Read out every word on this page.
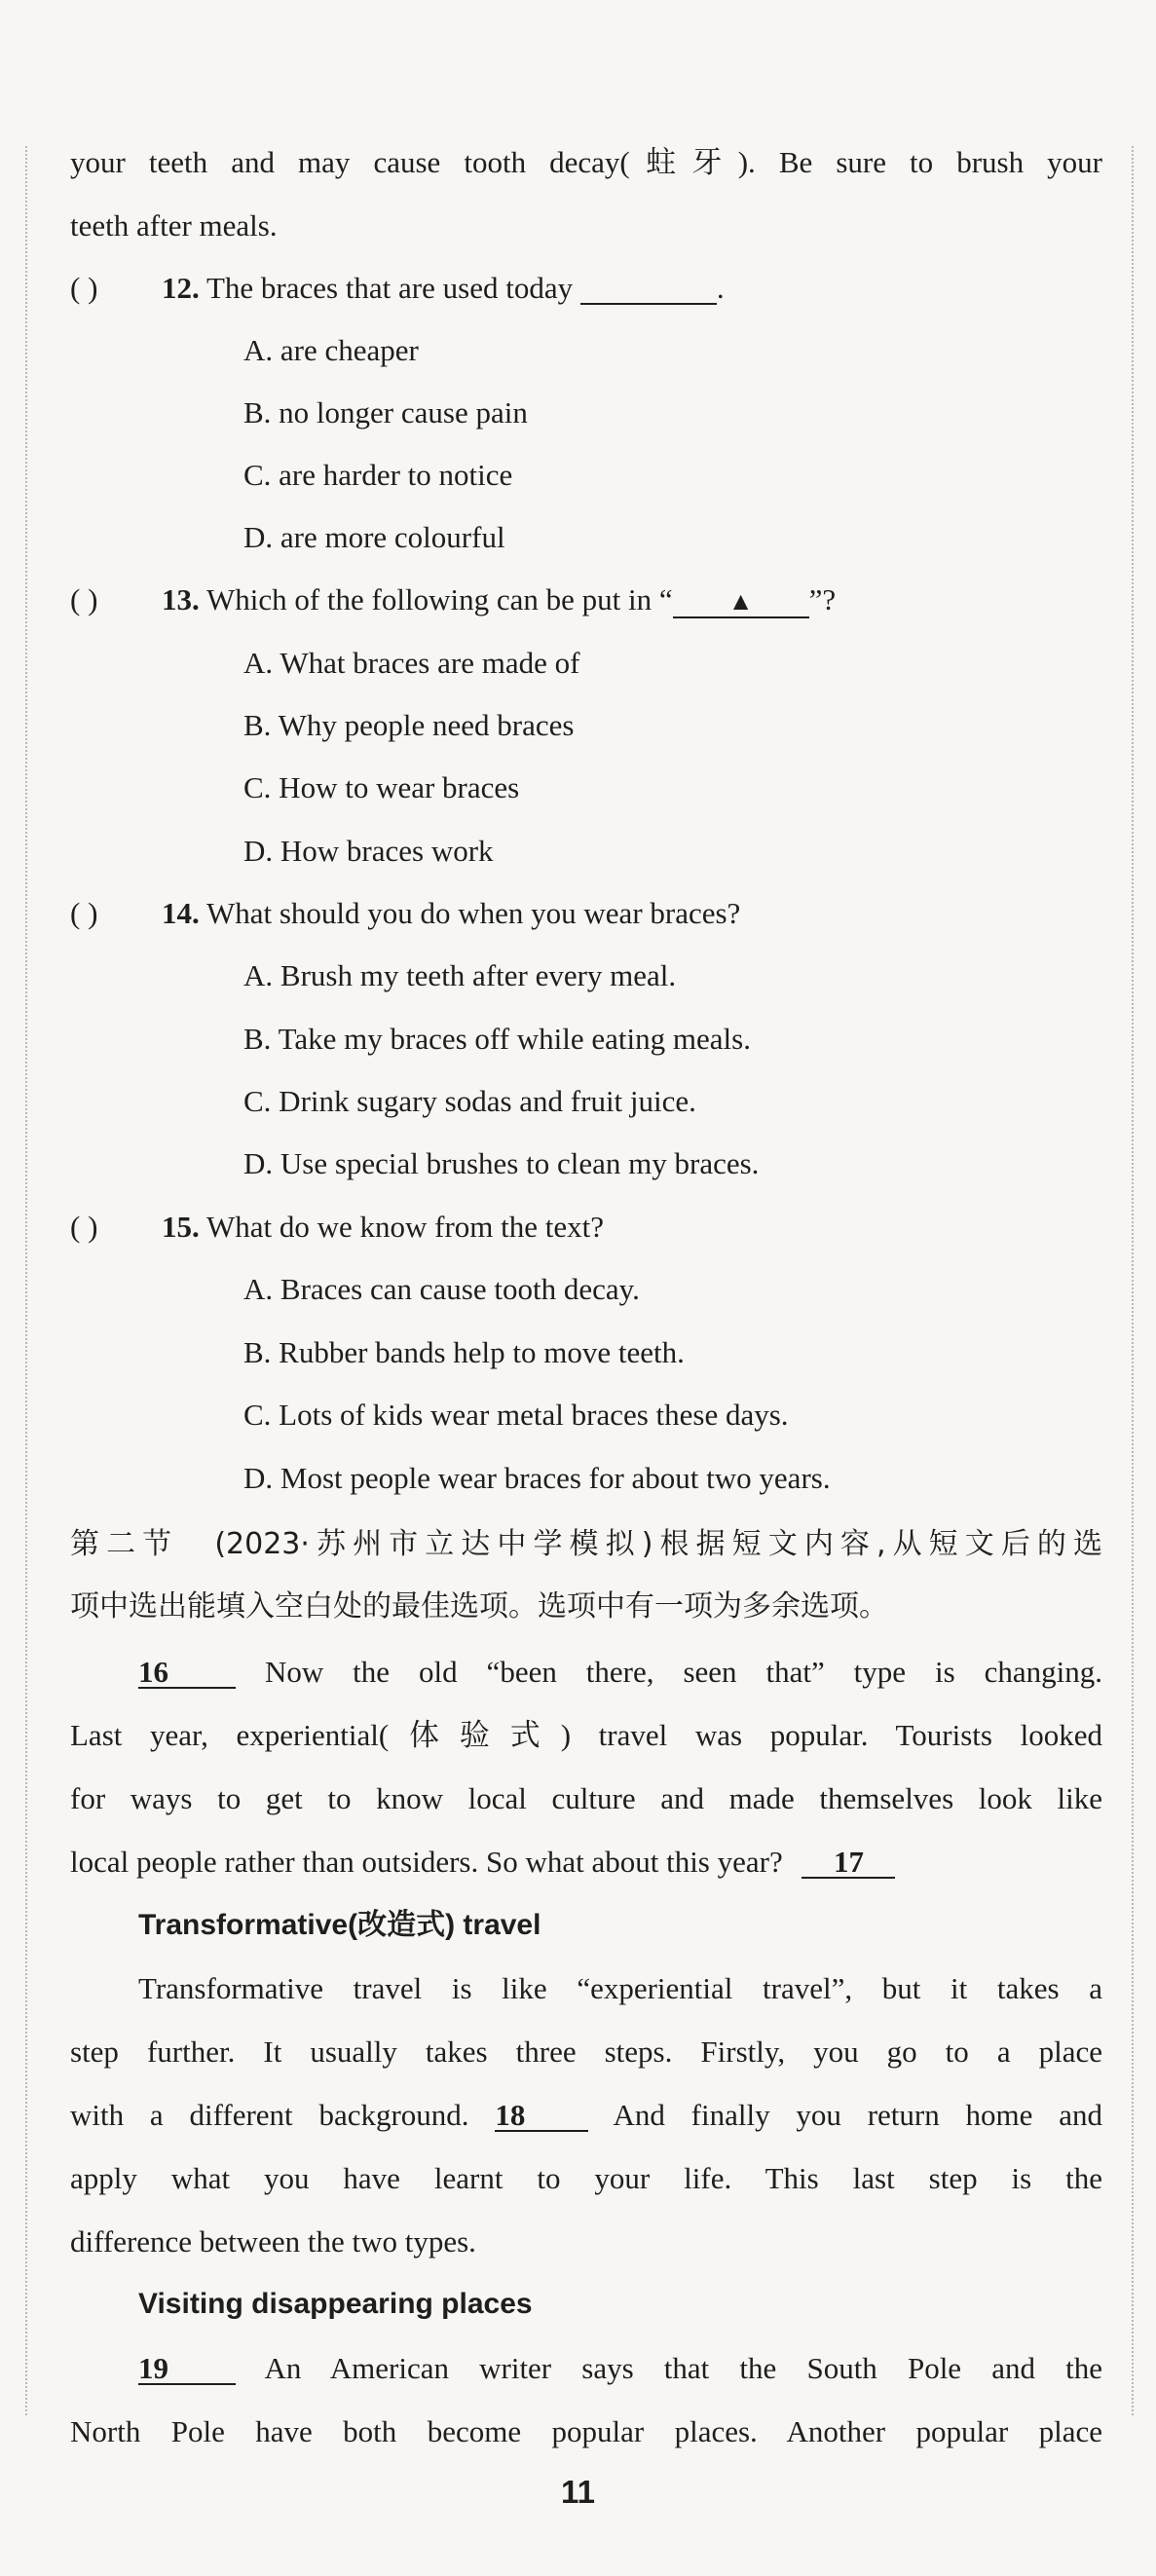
your teeth and may cause tooth decay(蛀牙). Be sure to brush your
teeth after meals.
( ) 12. The braces that are used today	.
A. are cheaper
B. no longer cause pain
C. are harder to notice
D. are more colourful
( ) 13. Which of the following can be put in “ ▲ ”?
A. What braces are made of
B. Why people need braces
C. How to wear braces
D. How braces work
( ) 14. What should you do when you wear braces?
A. Brush my teeth after every meal.
B. Take my braces off while eating meals.
C. Drink sugary sodas and fruit juice.
D. Use special brushes to clean my braces.
( ) 15. What do we know from the text?
A. Braces can cause tooth decay.
B. Rubber bands help to move teeth.
C. Lots of kids wear metal braces these days.
D. Most people wear braces for about two years.
第二节　(2023·苏州市立达中学模拟)根据短文内容,从短文后的选
项中选出能填入空白处的最佳选项。选项中有一项为多余选项。
16	Now the old “been there, seen that” type is changing.
Last year, experiential(体验式) travel was popular. Tourists looked
for ways to get to know local culture and made themselves look like
local people rather than outsiders. So what about this year? 17
Transformative(改造式) travel
Transformative travel is like “experiential travel”, but it takes a
step further. It usually takes three steps. Firstly, you go to a place
with a different background. 18	And finally you return home and
apply what you have learnt to your life. This last step is the
difference between the two types.
Visiting disappearing places
19	An American writer says that the South Pole and the
North Pole have both become popular places. Another popular place
11
